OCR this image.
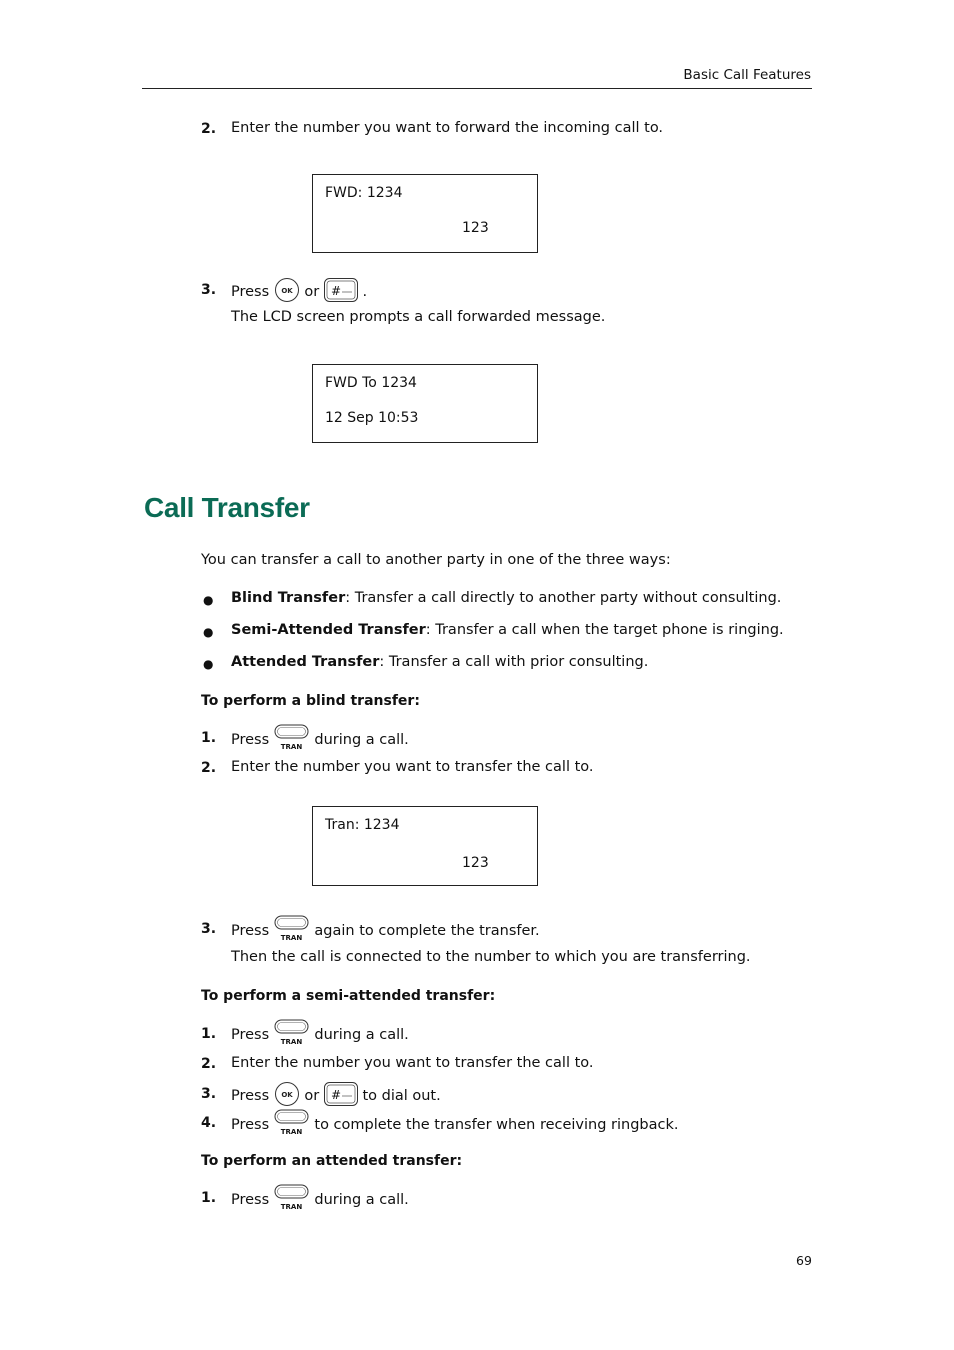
Basic Call Features
2. Enter the number you want to forward the incoming call to.
FWD: 1234
123
3. Press OK or # .
The LCD screen prompts a call forwarded message.
FWD To 1234
12 Sep 10:53
Call Transfer
You can transfer a call to another party in one of the three ways:
● Blind Transfer: Transfer a call directly to another party without consulting.
● Semi-Attended Transfer: Transfer a call when the target phone is ringing.
● Attended Transfer: Transfer a call with prior consulting.
To perform a blind transfer:
1. Press TRAN during a call.
2. Enter the number you want to transfer the call to.
Tran: 1234
123
3. Press TRAN again to complete the transfer.
Then the call is connected to the number to which you are transferring.
To perform a semi-attended transfer:
1. Press TRAN during a call.
2. Enter the number you want to transfer the call to.
3. Press OK or # to dial out.
4. Press TRAN to complete the transfer when receiving ringback.
To perform an attended transfer:
1. Press TRAN during a call.
69
